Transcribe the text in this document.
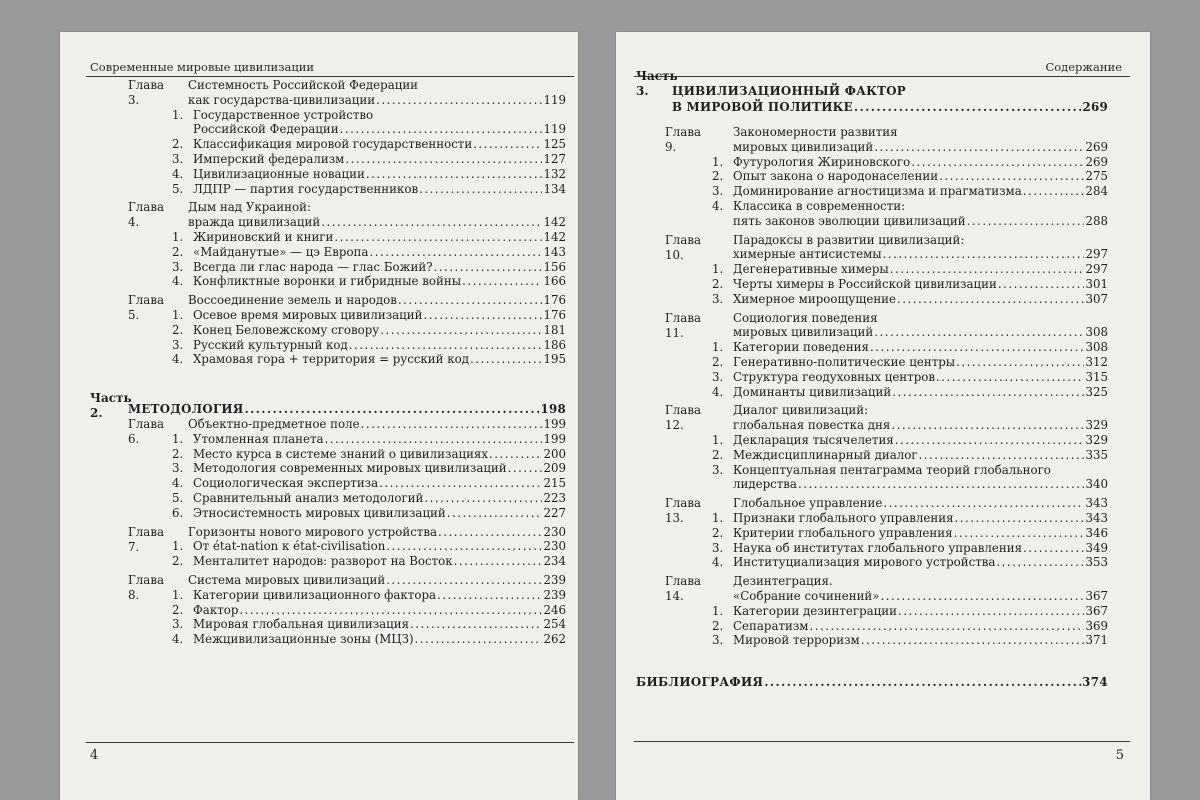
Современные мировые цивилизации
Глава 3.
Системность Российской Федерации
как государства-цивилизации .....	119
1. Государственное устройство
Российской Федерации .....	119
2. Классификация мировой государственности .....	125
3. Имперский федерализм .....	127
4. Цивилизационные новации .....	132
5. ЛДПР — партия государственников .....	134
Глава 4.
Дым над Украиной:
вражда цивилизаций .....	142
1. Жириновский и книги .....	142
2. «Майданутые» — цэ Европа .....	143
3. Всегда ли глас народа — глас Божий? .....	156
4. Конфликтные воронки и гибридные войны .....	166
Глава 5.
Воссоединение земель и народов .....	176
1. Осевое время мировых цивилизаций .....	176
2. Конец Беловежскому сговору .....	181
3. Русский культурный код .....	186
4. Храмовая гора + территория = русский код .....	195
Часть 2.	МЕТОДОЛОГИЯ .....	198
Глава 6.
Объектно-предметное поле .....	199
1. Утомленная планета .....	199
2. Место курса в системе знаний о цивилизациях .....	200
3. Методология современных мировых цивилизаций .....	209
4. Социологическая экспертиза .....	215
5. Сравнительный анализ методологий .....	223
6. Этносистемность мировых цивилизаций .....	227
Глава 7.
Горизонты нового мирового устройства .....	230
1. От état-nation к état-civilisation .....	230
2. Менталитет народов: разворот на Восток .....	234
Глава 8.
Система мировых цивилизаций .....	239
1. Категории цивилизационного фактора .....	239
2. Фактор .....	246
3. Мировая глобальная цивилизация .....	254
4. Межцивилизационные зоны (МЦЗ) .....	262
4
Содержание
Часть 3.	ЦИВИЛИЗАЦИОННЫЙ ФАКТОР
В МИРОВОЙ ПОЛИТИКЕ .....	269
Глава 9.
Закономерности развития
мировых цивилизаций .....	269
1. Футурология Жириновского .....	269
2. Опыт закона о народонаселении .....	275
3. Доминирование агностицизма и прагматизма .....	284
4. Классика в современности:
пять законов эволюции цивилизаций .....	288
Глава 10.
Парадоксы в развитии цивилизаций:
химерные антисистемы .....	297
1. Дегенеративные химеры .....	297
2. Черты химеры в Российской цивилизации .....	301
3. Химерное мироощущение .....	307
Глава 11.
Социология поведения
мировых цивилизаций .....	308
1. Категории поведения .....	308
2. Генеративно-политические центры .....	312
3. Структура геодуховных центров .....	315
4. Доминанты цивилизаций .....	325
Глава 12.
Диалог цивилизаций:
глобальная повестка дня .....	329
1. Декларация тысячелетия .....	329
2. Междисциплинарный диалог .....	335
3. Концептуальная пентаграмма теорий глобального
лидерства .....	340
Глава 13.
Глобальное управление .....	343
1. Признаки глобального управления .....	343
2. Критерии глобального управления .....	346
3. Наука об институтах глобального управления .....	349
4. Институциализация мирового устройства .....	353
Глава 14.
Дезинтеграция.
«Собрание сочинений» .....	367
1. Категории дезинтеграции .....	367
2. Сепаратизм .....	369
3. Мировой терроризм .....	371
БИБЛИОГРАФИЯ .....	374
5
